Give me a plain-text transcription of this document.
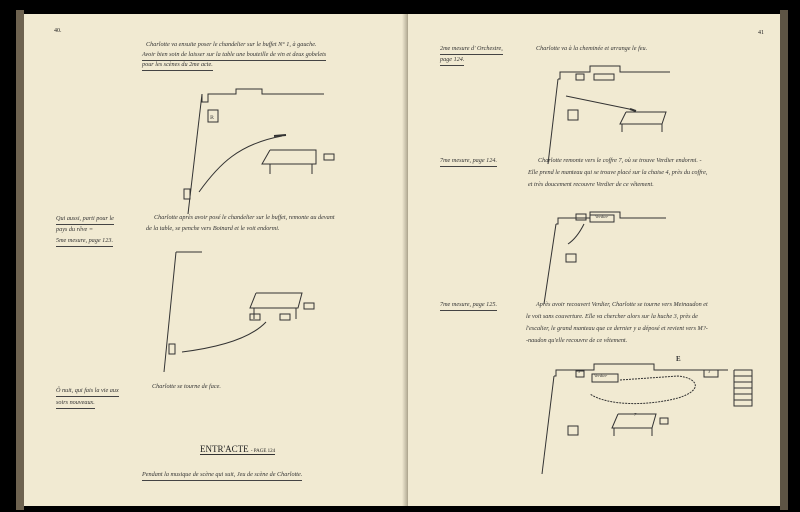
40.
Charlotte va ensuite poser le chandelier sur le buffet N° 1, à gauche.
Avoir bien soin de laisser sur la table une bouteille de vin et deux gobelets
pour les scènes du 2me acte.
R
Qui aussi, parti pour le
pays du rêve =
5me mesure, page 123.
Charlotte après avoir posé le chandelier sur le buffet, remonte au devant
de la table, se penche vers Boinard et le voit endormi.
Ô nuit, qui fais la vie aux
soirs nouveaux.
Charlotte se tourne de face.
ENTR'ACTE - PAGE 124
Pendant la musique de scène qui suit, Jeu de scène de Charlotte.
41
2me mesure d' Orchestre,
page 124.
Charlotte va à la cheminée et arrange le feu.
7me mesure, page 124.	Charlotte remonte vers le coffre 7, où se trouve Verdier endormi. -
Elle prend le manteau qui se trouve placé sur la chaise 4, près du coffre,
et très doucement recouvre Verdier de ce vêtement.
Verdier
7me mesure, page 125.	Après avoir recouvert Verdier, Charlotte se tourne vers Meinaudon et
le voit sans couverture. Elle va chercher alors sur la huche 3, près de
l'escalier, le grand manteau que ce dernier y a déposé et revient vers M?-
-naudon qu'elle recouvre de ce vêtement.
Verdier
E
1	3
7
